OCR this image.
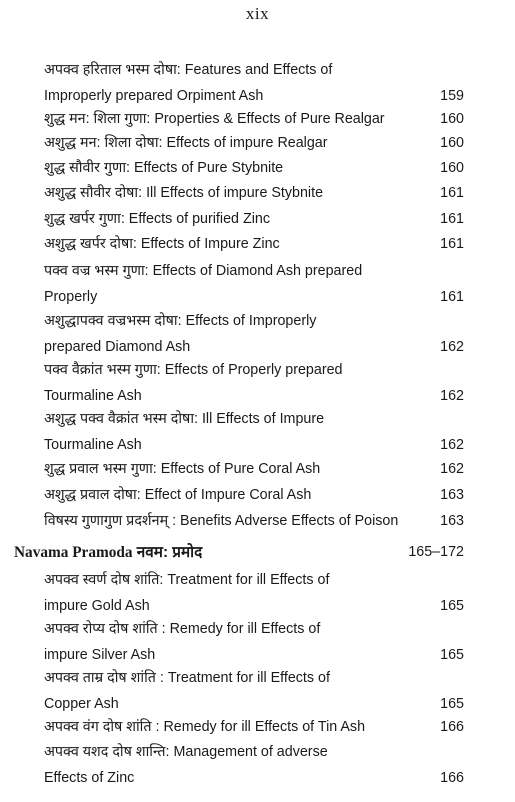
xix
अपक्व हरिताल भस्म दोषा: Features and Effects of
Improperly prepared Orpiment Ash	159
शुद्ध मन: शिला गुणा: Properties & Effects of Pure Realgar	160
अशुद्ध मन: शिला दोषा: Effects of impure Realgar	160
शुद्ध सौवीर गुणा: Effects of Pure Stybnite	160
अशुद्ध सौवीर दोषा: Ill Effects of impure Stybnite	161
शुद्ध खर्पर गुणा: Effects of purified Zinc	161
अशुद्ध खर्पर दोषा: Effects of Impure Zinc	161
पक्व वज्र भस्म गुणा: Effects of Diamond Ash prepared
Properly	161
अशुद्धापक्व वज्रभस्म दोषा: Effects of Improperly
prepared Diamond Ash	162
पक्व वैक्रांत भस्म गुणा: Effects of Properly prepared
Tourmaline Ash	162
अशुद्ध पक्व वैक्रांत भस्म दोषा: Ill Effects of Impure
Tourmaline Ash	162
शुद्ध प्रवाल भस्म गुणा: Effects of Pure Coral Ash	162
अशुद्ध प्रवाल दोषा: Effect of Impure Coral Ash	163
विषस्य गुणागुण प्रदर्शनम् : Benefits Adverse Effects of Poison	163
Navama Pramoda नवम: प्रमोद	165–172
अपक्व स्वर्ण दोष शांति: Treatment for ill Effects of
impure Gold Ash	165
अपक्व रोप्य दोष शांति : Remedy for ill Effects of
impure Silver Ash	165
अपक्व ताम्र दोष शांति : Treatment for ill Effects of
Copper Ash	165
अपक्व वंग दोष शांति : Remedy for ill Effects of Tin Ash	166
अपक्व यशद दोष शान्ति: Management of adverse
Effects of Zinc	166
